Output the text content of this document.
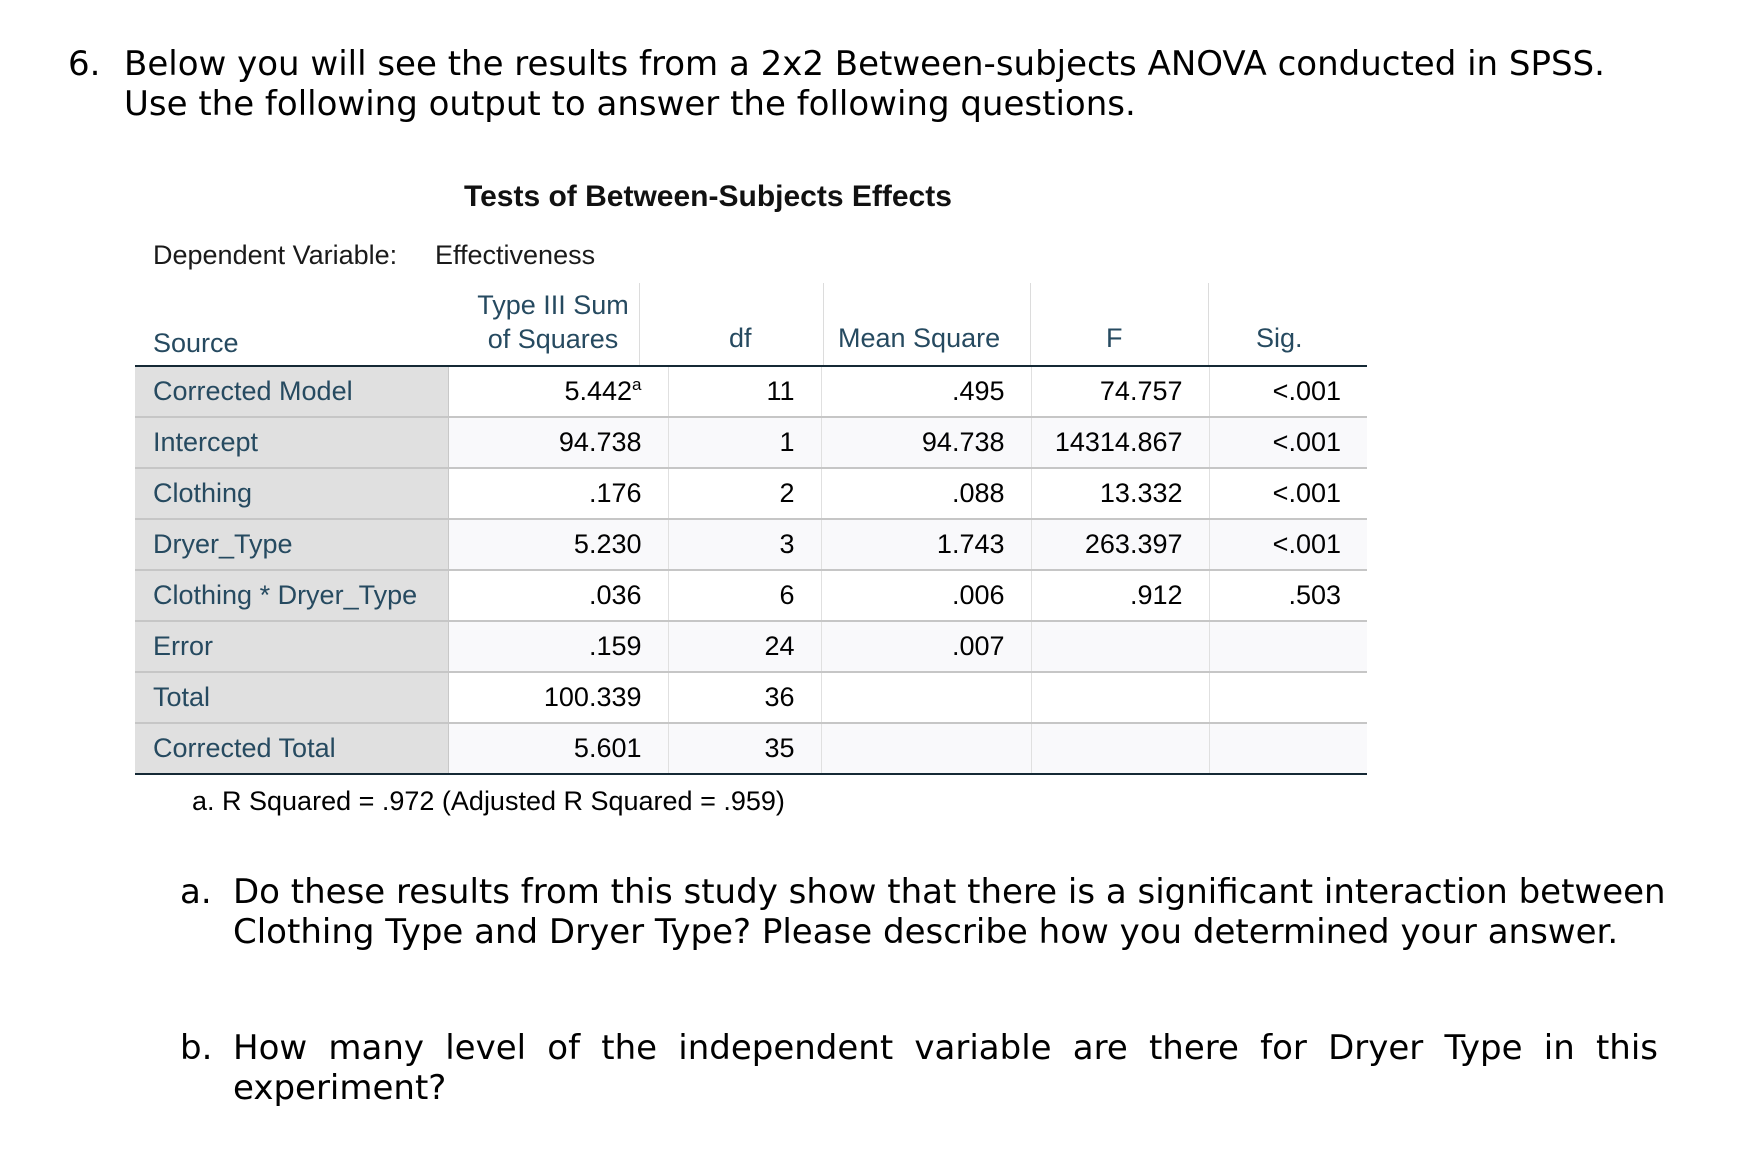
6. Below you will see the results from a 2x2 Between-subjects ANOVA conducted in SPSS.
Use the following output to answer the following questions.
Tests of Between-Subjects Effects
Dependent Variable: Effectiveness
Source
Type III Sum
of Squares	df	Mean Square	F	Sig.
Corrected Model	5.442$^a$	11	.495	74.757	<.001
Intercept	94.738	1	94.738	14314.867	<.001
Clothing	.176	2	.088	13.332	<.001
Dryer_Type	5.230	3	1.743	263.397	<.001
Clothing * Dryer_Type	.036	6	.006	.912	.503
Error	.159	24	.007		
Total	100.339	36			
Corrected Total	5.601	35			
a. R Squared = .972 (Adjusted R Squared = .959)
a. Do these results from this study show that there is a significant interaction between
Clothing Type and Dryer Type? Please describe how you determined your answer.
b. How many level of the independent variable are there for Dryer Type in this
experiment?
